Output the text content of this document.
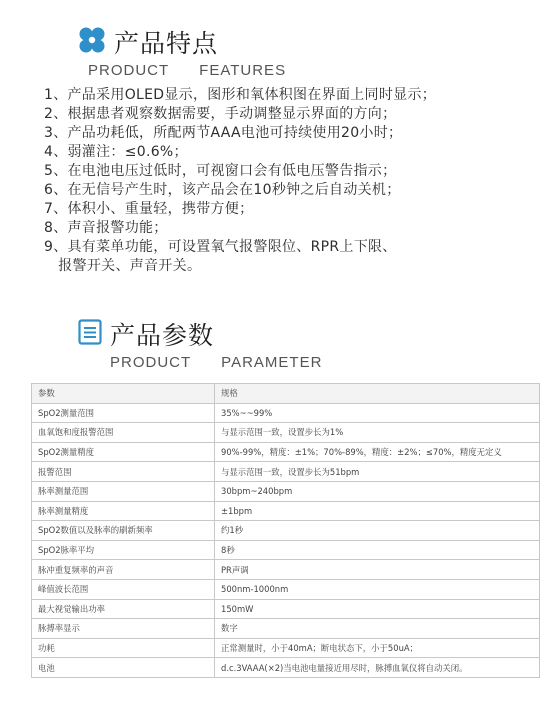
产品特点
PRODUCT FEATURES
1、产品采用OLED显示，图形和氧体积图在界面上同时显示；
2、根据患者观察数据需要，手动调整显示界面的方向；
3、产品功耗低，所配两节AAA电池可持续使用20小时；
4、弱灌注：≤0.6%；
5、在电池电压过低时，可视窗口会有低电压警告指示；
6、在无信号产生时，该产品会在10秒钟之后自动关机；
7、体积小、重量轻，携带方便；
8、声音报警功能；
9、具有菜单功能，可设置氧气报警限位、RPR上下限、
报警开关、声音开关。
产品参数
PRODUCT PARAMETER
参数	规格
SpO2测量范围	35%~~99%
血氧饱和度报警范围	与显示范围一致，设置步长为1%
SpO2测量精度	90%-99%，精度：±1%；70%-89%，精度：±2%；≤70%，精度无定义
报警范围	与显示范围一致，设置步长为51bpm
脉率测量范围	30bpm~240bpm
脉率测量精度	±1bpm
SpO2数值以及脉率的刷新频率	约1秒
SpO2脉率平均	8秒
脉冲重复频率的声音	PR声调
峰值波长范围	500nm-1000nm
最大视觉输出功率	150mW
脉搏率显示	数字
功耗	正常测量时，小于40mA；断电状态下，小于50uA；
电池	d.c.3VAAA(×2)当电池电量接近用尽时，脉搏血氧仪将自动关闭。
